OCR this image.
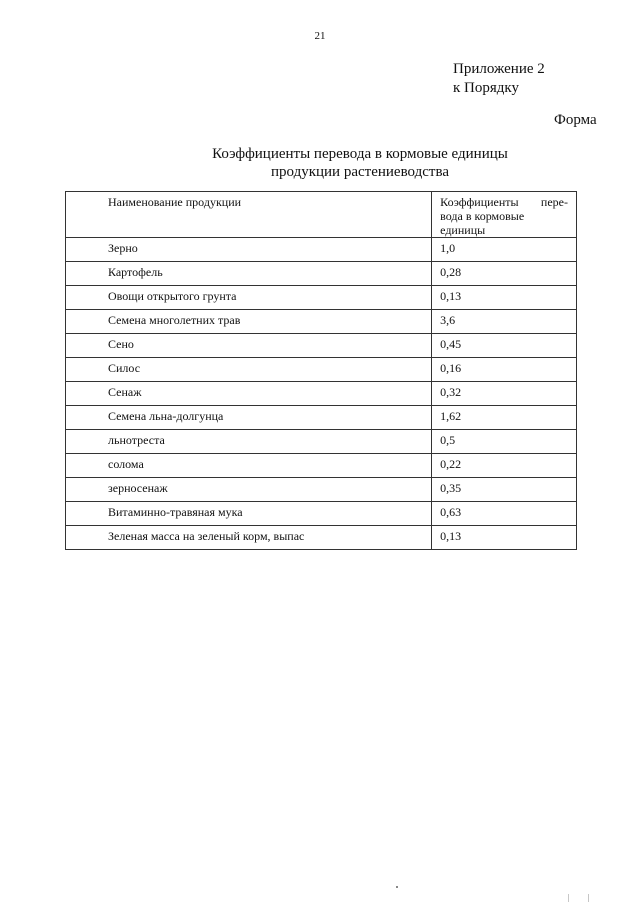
21
Приложение 2
к Порядку
Форма
Коэффициенты перевода в кормовые единицы
продукции растениеводства
Наименование продукции	Коэффициенты пере-
вода в кормовые единицы

Зерно	1,0
Картофель	0,28
Овощи открытого грунта	0,13
Семена многолетних трав	3,6
Сено	0,45
Силос	0,16
Сенаж	0,32
Семена льна-долгунца	1,62
льнотреста	0,5
солома	0,22
зерносенаж	0,35
Витаминно-травяная мука	0,63
Зеленая масса на зеленый корм, выпас	0,13
| |
